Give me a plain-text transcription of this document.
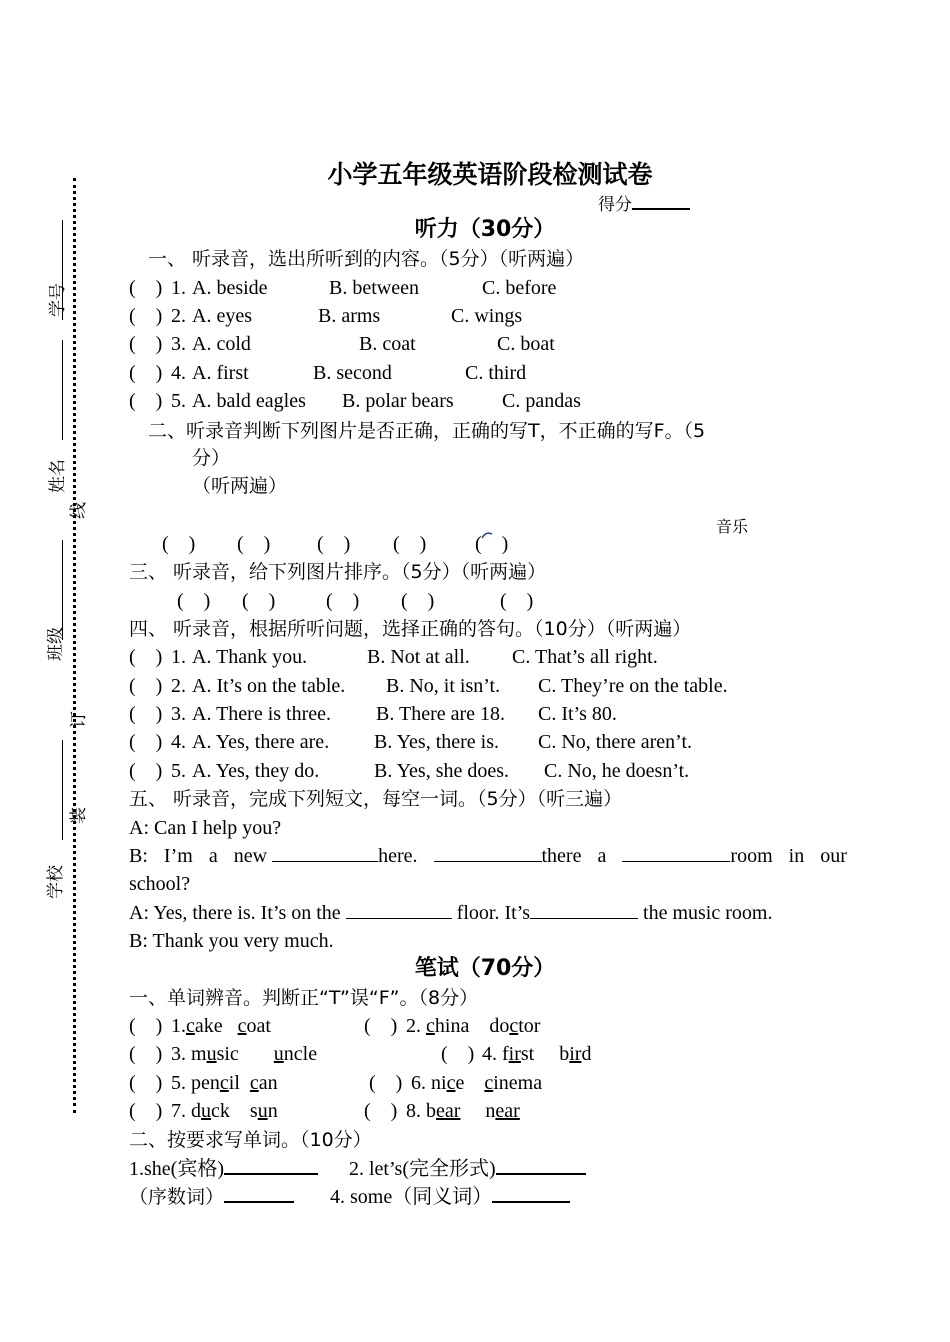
学号
姓名
线
班级
订
装
学校
小学五年级英语阶段检测试卷
得分
听力（30分）
一、 听录音，选出所听到的内容。（5分）（听两遍）
(    ) 1. A. beside	B. between	C. before
(    ) 2. A. eyes	B. arms	C. wings
(    ) 3. A. cold	B. coat	C. boat
(    ) 4. A. first	B. second	C. third
(    ) 5. A. bald eagles B. polar bears C. pandas
二、听录音判断下列图片是否正确，正确的写T，不正确的写F。（5
分）
（听两遍）
音乐
(    ) (    ) (    ) (    ) (    )
三、 听录音，给下列图片排序。（5分）（听两遍）
(    ) (    )	(    ) (    )	(    )
四、 听录音，根据所听问题，选择正确的答句。（10分）（听两遍）
(    ) 1. A. Thank you.	B. Not at all. C. That’s all right.
(    ) 2. A. It’s on the table. B. No, it isn’t. C. They’re on the table.
(    ) 3. A. There is three. B. There are 18. C. It’s 80.
(    ) 4. A. Yes, there are. B. Yes, there is. C. No, there aren’t.
(    ) 5. A. Yes, they do.	B. Yes, she does. C. No, he doesn’t.
五、 听录音，完成下列短文，每空一词。（5分）（听三遍）
A: Can I help you?
B: I’m a new	here.	there a	room in our
school?
A: Yes, there is. It’s on the	floor. It’s	the music room.
B: Thank you very much.
笔试（70分）
一、单词辨音。判断正“T”误“F”。（8分）
(    ) 1.cake coat	(    ) 2. china doctor
(    ) 3. music uncle	(    ) 4. first bird
(    ) 5. pencil can	(    ) 6. nice cinema
(    ) 7. duck sun	(    ) 8. bear near
二、按要求写单词。（10分）
1.she(宾格)	2. let’s(完全形式)
（序数词）	4. some（同义词）
